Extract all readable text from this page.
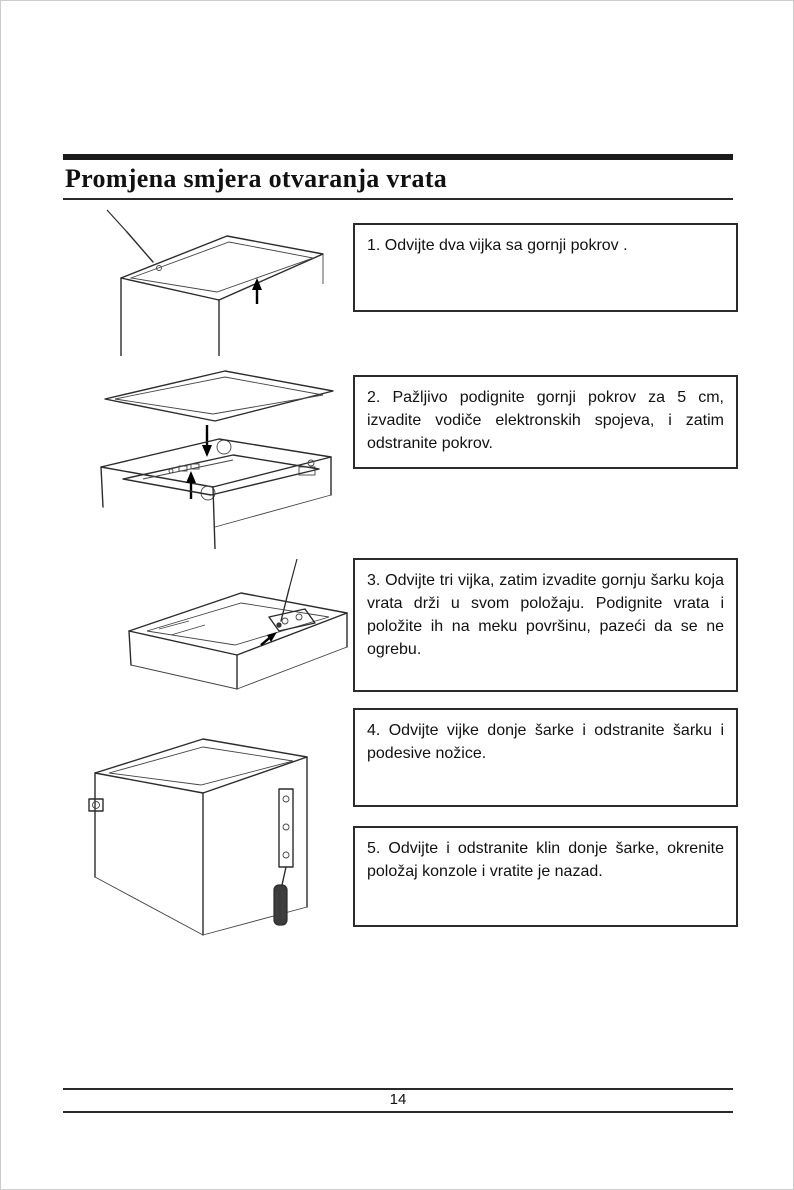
Promjena smjera otvaranja vrata

1. Odvijte dva vijka sa gornji pokrov .

2. Pažljivo podignite gornji pokrov za 5 cm, izvadite vodiče elektronskih spojeva, i zatim odstranite pokrov.

3. Odvijte tri vijka, zatim izvadite gornju šarku koja vrata drži u svom položaju. Podignite vrata i položite ih na meku površinu, pazeći da se ne ogrebu.

4. Odvijte vijke donje šarke i odstranite šarku i podesive nožice.

5. Odvijte i odstranite klin donje šarke, okrenite položaj konzole i vratite je nazad.

14
